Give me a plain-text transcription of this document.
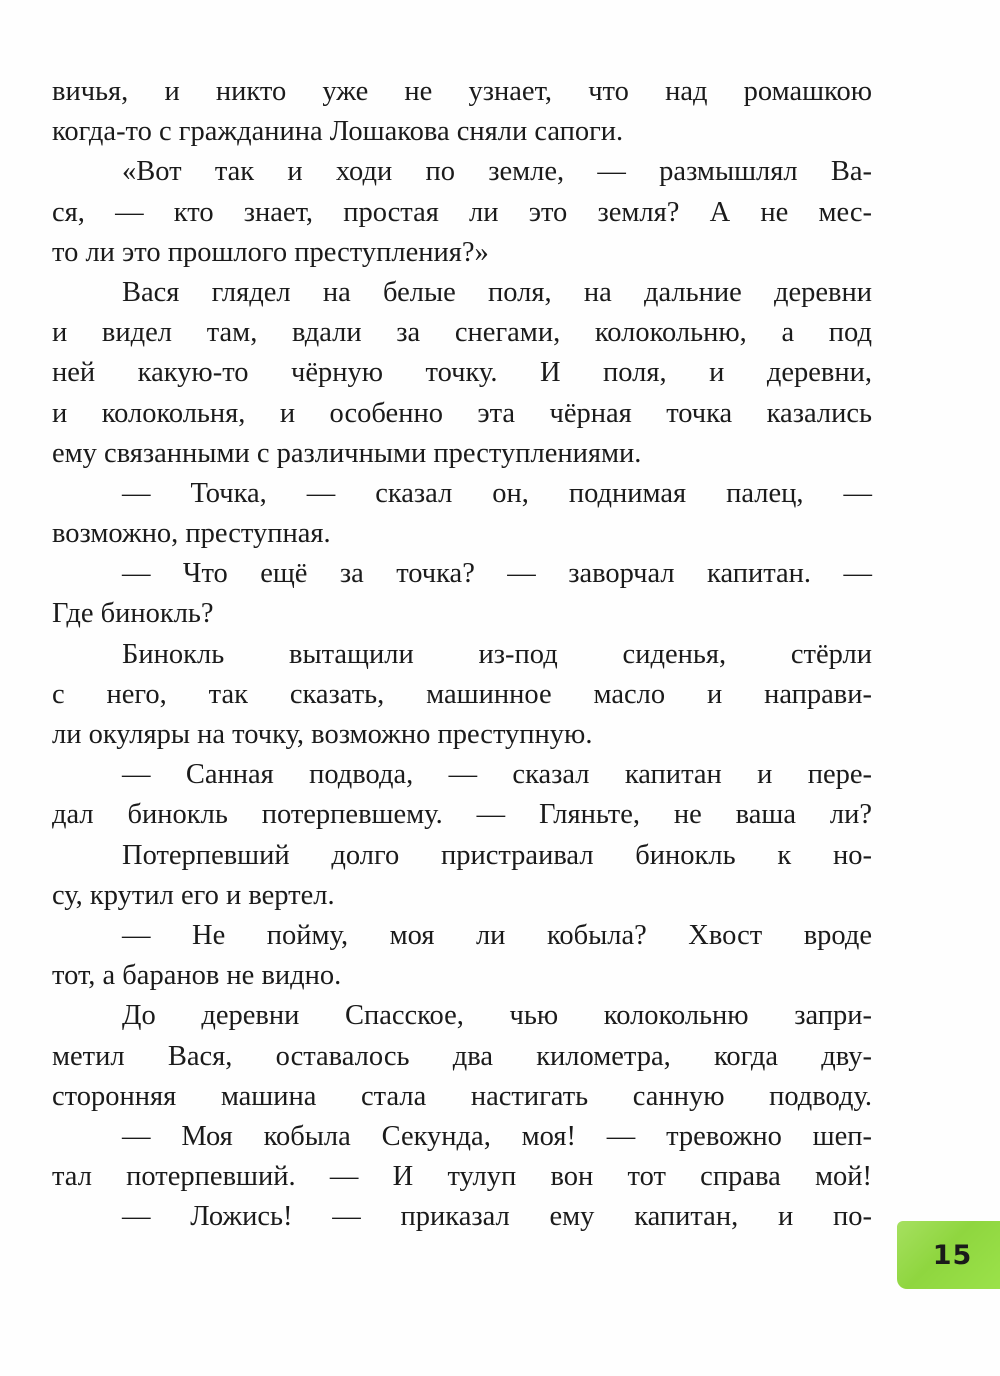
вичья, и никто уже не узнает, что над ромашкою
когда-то с гражданина Лошакова сняли сапоги.
«Вот так и ходи по земле, — размышлял Ва-
ся, — кто знает, простая ли это земля? А не мес-
то ли это прошлого преступления?»
Вася глядел на белые поля, на дальние деревни
и видел там, вдали за снегами, колокольню, а под
ней какую-то чёрную точку. И поля, и деревни,
и колокольня, и особенно эта чёрная точка казались
ему связанными с различными преступлениями.
— Точка, — сказал он, поднимая палец, —
возможно, преступная.
— Что ещё за точка? — заворчал капитан. —
Где бинокль?
Бинокль вытащили из-под сиденья, стёрли
с него, так сказать, машинное масло и направи-
ли окуляры на точку, возможно преступную.
— Санная подвода, — сказал капитан и пере-
дал бинокль потерпевшему. — Гляньте, не ваша ли?
Потерпевший долго пристраивал бинокль к но-
су, крутил его и вертел.
— Не пойму, моя ли кобыла? Хвост вроде
тот, а баранов не видно.
До деревни Спасское, чью колокольню запри-
метил Вася, оставалось два километра, когда дву-
сторонняя машина стала настигать санную подводу.
— Моя кобыла Секунда, моя! — тревожно шеп-
тал потерпевший. — И тулуп вон тот справа мой!
— Ложись! — приказал ему капитан, и по-
15
